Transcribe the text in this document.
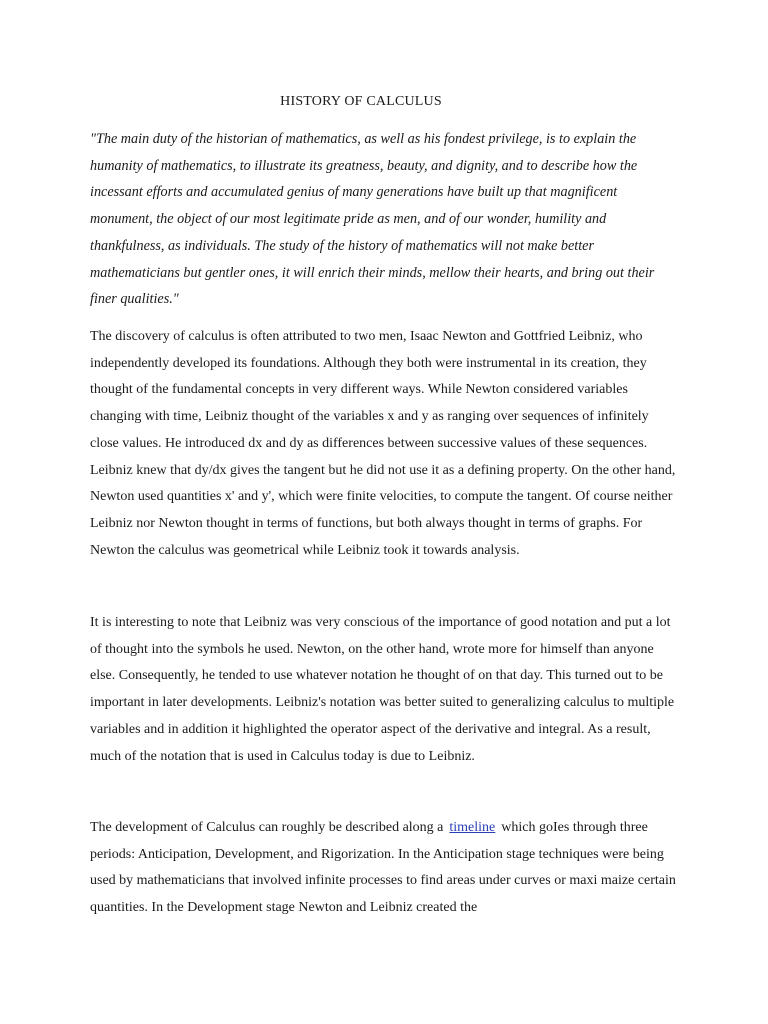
HISTORY OF CALCULUS

"The main duty of the historian of mathematics, as well as his fondest privilege, is to explain the humanity of mathematics, to illustrate its greatness, beauty, and dignity, and to describe how the incessant efforts and accumulated genius of many generations have built up that magnificent monument, the object of our most legitimate pride as men, and of our wonder, humility and thankfulness, as individuals. The study of the history of mathematics will not make better mathematicians but gentler ones, it will enrich their minds, mellow their hearts, and bring out their finer qualities."

The discovery of calculus is often attributed to two men, Isaac Newton and Gottfried Leibniz, who independently developed its foundations. Although they both were instrumental in its creation, they thought of the fundamental concepts in very different ways. While Newton considered variables changing with time, Leibniz thought of the variables x and y as ranging over sequences of infinitely close values. He introduced dx and dy as differences between successive values of these sequences. Leibniz knew that dy/dx gives the tangent but he did not use it as a defining property. On the other hand, Newton used quantities x' and y', which were finite velocities, to compute the tangent. Of course neither Leibniz nor Newton thought in terms of functions, but both always thought in terms of graphs. For Newton the calculus was geometrical while Leibniz took it towards analysis.

It is interesting to note that Leibniz was very conscious of the importance of good notation and put a lot of thought into the symbols he used. Newton, on the other hand, wrote more for himself than anyone else. Consequently, he tended to use whatever notation he thought of on that day. This turned out to be important in later developments. Leibniz's notation was better suited to generalizing calculus to multiple variables and in addition it highlighted the operator aspect of the derivative and integral. As a result, much of the notation that is used in Calculus today is due to Leibniz.

The development of Calculus can roughly be described along a timeline which goIes through three periods: Anticipation, Development, and Rigorization. In the Anticipation stage techniques were being used by mathematicians that involved infinite processes to find areas under curves or maxi maize certain quantities. In the Development stage Newton and Leibniz created the
